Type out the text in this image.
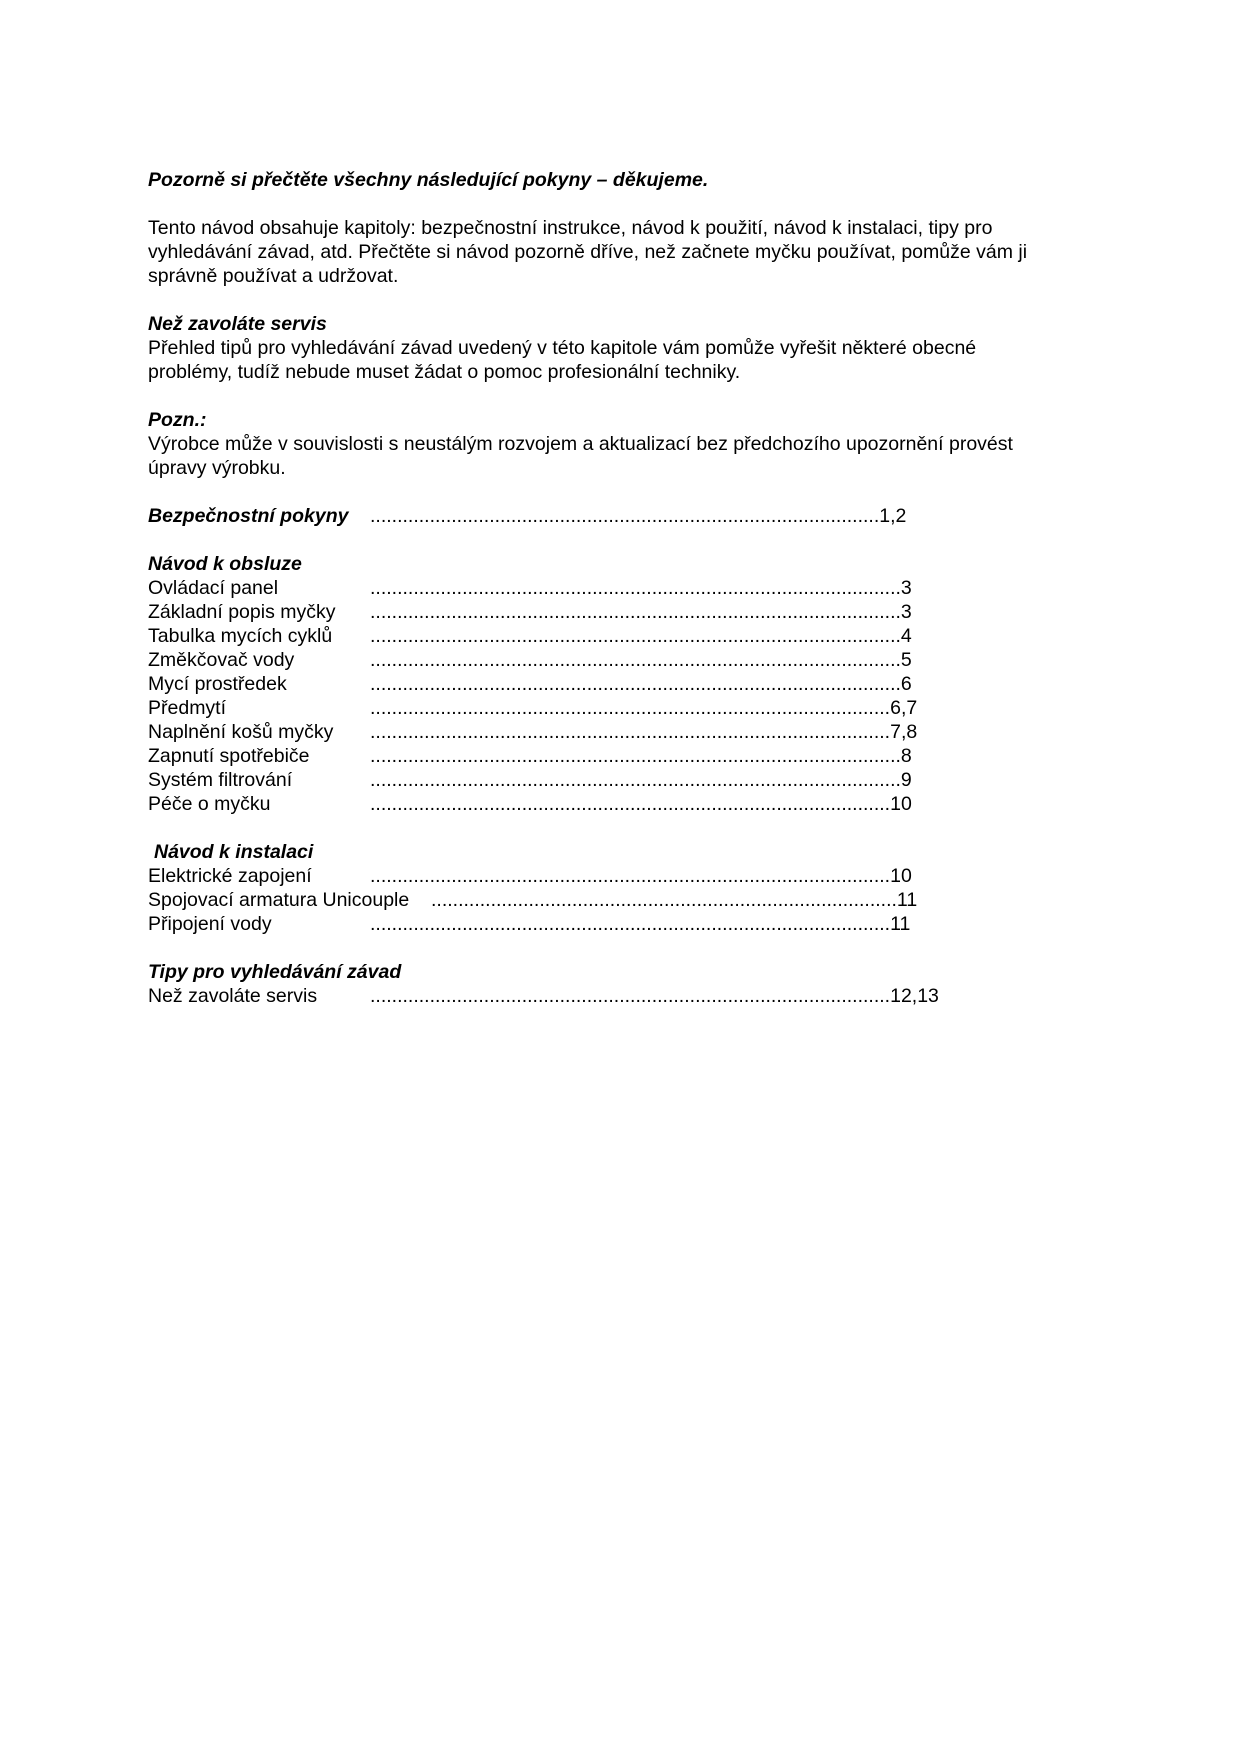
Pozorně si přečtěte všechny následující pokyny – děkujeme.

Tento návod obsahuje kapitoly: bezpečnostní instrukce, návod k použití, návod k instalaci, tipy pro

vyhledávání závad, atd. Přečtěte si návod pozorně dříve, než začnete myčku používat, pomůže vám ji

správně používat a udržovat.

Než zavoláte servis

Přehled tipů pro vyhledávání závad uvedený v této kapitole vám pomůže vyřešit některé obecné

problémy, tudíž nebude muset žádat o pomoc profesionální techniky.

Pozn.:

Výrobce může v souvislosti s neustálým rozvojem a aktualizací bez předchozího upozornění provést

úpravy výrobku.

Bezpečnostní pokyny ..............................................................................................1,2

Návod k obsluze

Ovládací panel	..................................................................................................3
Základní popis myčky ..................................................................................................3
Tabulka mycích cyklů ..................................................................................................4
Změkčovač vody	..................................................................................................5
Mycí prostředek	..................................................................................................6
Předmytí	................................................................................................6,7
Naplnění košů myčky ................................................................................................7,8
Zapnutí spotřebiče	..................................................................................................8
Systém filtrování	..................................................................................................9
Péče o myčku	................................................................................................10

Návod k instalaci

Elektrické zapojení	................................................................................................10
Spojovací armatura Unicouple ......................................................................................11
Připojení vody	................................................................................................11

Tipy pro vyhledávání závad

Než zavoláte servis	................................................................................................12,13
